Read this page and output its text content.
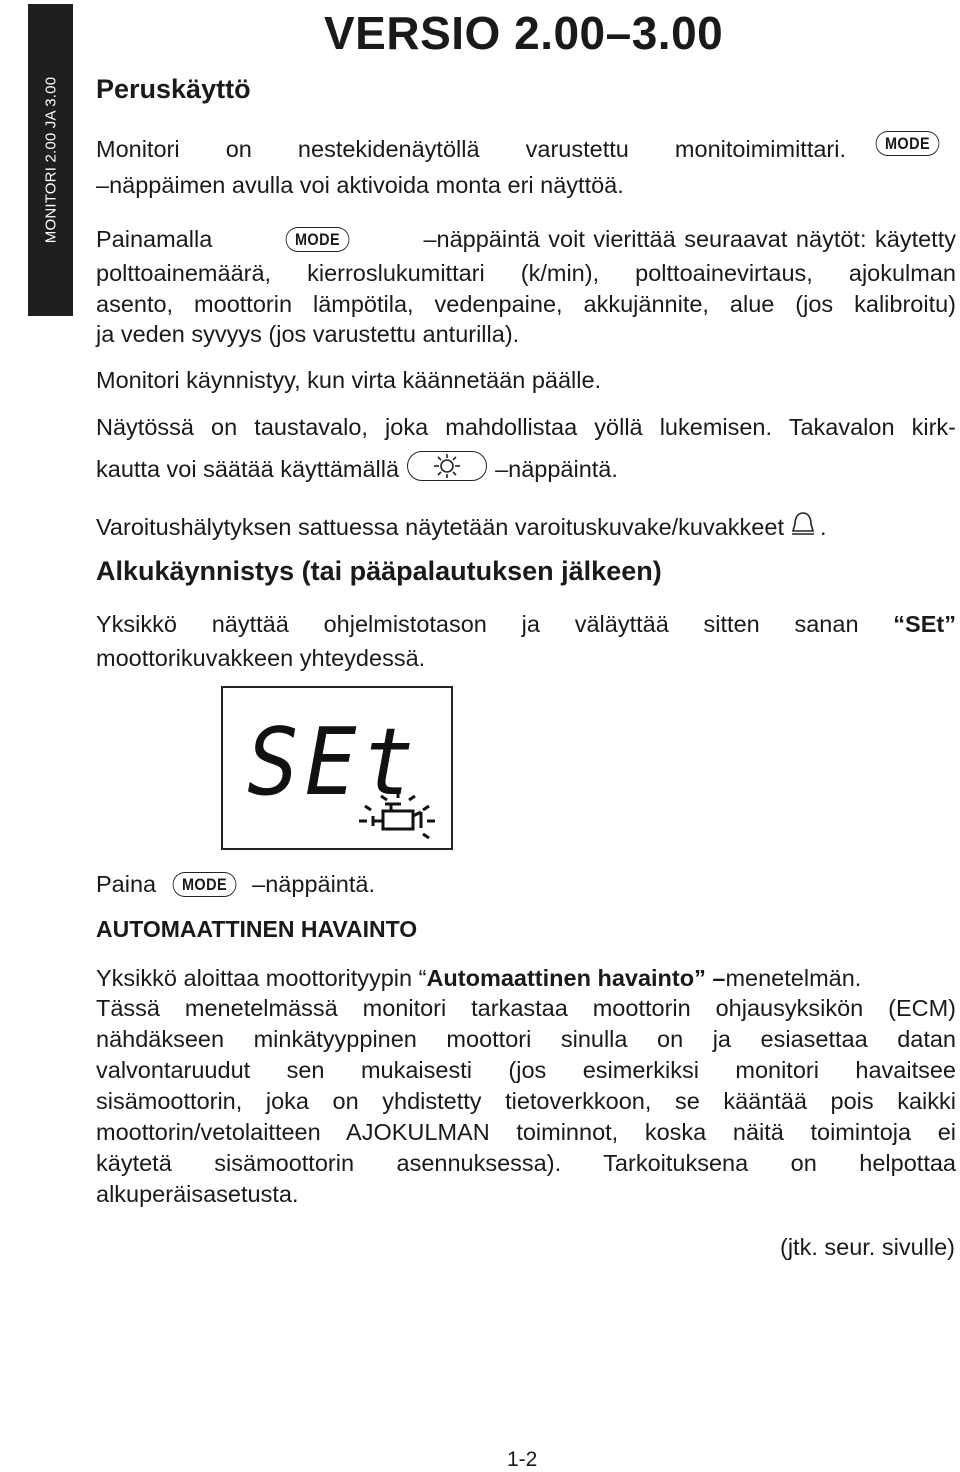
MONITORI 2.00 JA 3.00
VERSIO 2.00–3.00
Peruskäyttö
Monitori on nestekidenäytöllä varustettu monitoimimittari.	MODE
–näppäimen avulla voi aktivoida monta eri näyttöä.
Painamalla	MODE	–näppäintä voit vierittää seuraavat näytöt: käytetty
polttoainemäärä, kierroslukumittari (k/min), polttoainevirtaus, ajokulman
asento, moottorin lämpötila, vedenpaine, akkujännite, alue (jos kalibroitu)
ja veden syvyys (jos varustettu anturilla).
Monitori käynnistyy, kun virta käännetään päälle.
Näytössä on taustavalo, joka mahdollistaa yöllä lukemisen. Takavalon kirk-
kautta voi säätää käyttämällä	–näppäintä.
Varoitushälytyksen sattuessa näytetään varoituskuvake/kuvakkeet .
Alkukäynnistys (tai pääpalautuksen jälkeen)
Yksikkö näyttää ohjelmistotason ja väläyttää sitten sanan “SEt”
moottorikuvakkeen yhteydessä.
SEt
Paina MODE –näppäintä.
AUTOMAATTINEN HAVAINTO
Yksikkö aloittaa moottorityypin “Automaattinen havainto” –menetelmän.
Tässä menetelmässä monitori tarkastaa moottorin ohjausyksikön (ECM)
nähdäkseen minkätyyppinen moottori sinulla on ja esiasettaa datan
valvontaruudut sen mukaisesti (jos esimerkiksi monitori havaitsee
sisämoottorin, joka on yhdistetty tietoverkkoon, se kääntää pois kaikki
moottorin/vetolaitteen AJOKULMAN toiminnot, koska näitä toimintoja ei
käytetä sisämoottorin asennuksessa). Tarkoituksena on helpottaa
alkuperäisasetusta.
(jtk. seur. sivulle)
1-2
